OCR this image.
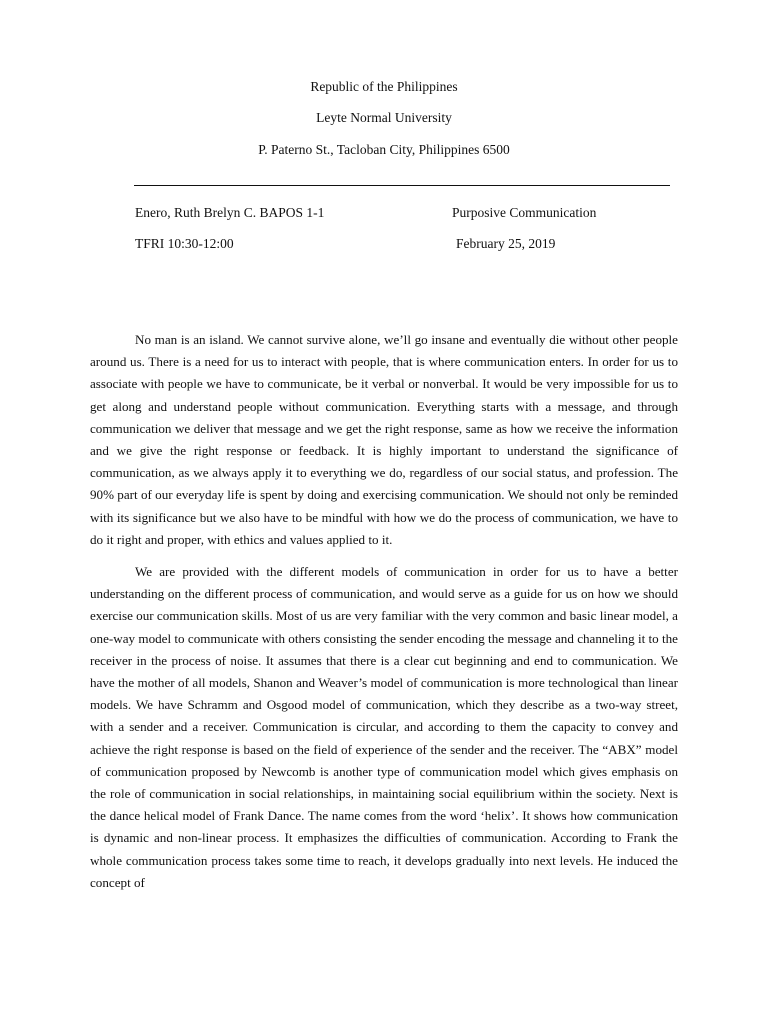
Republic of the Philippines
Leyte Normal University
P. Paterno St., Tacloban City, Philippines 6500
Enero, Ruth Brelyn C. BAPOS 1-1	Purposive Communication
TFRI 10:30-12:00	February 25, 2019

No man is an island. We cannot survive alone, we’ll go insane and eventually die without other people around us. There is a need for us to interact with people, that is where communication enters. In order for us to associate with people we have to communicate, be it verbal or nonverbal. It would be very impossible for us to get along and understand people without communication. Everything starts with a message, and through communication we deliver that message and we get the right response, same as how we receive the information and we give the right response or feedback. It is highly important to understand the significance of communication, as we always apply it to everything we do, regardless of our social status, and profession. The 90% part of our everyday life is spent by doing and exercising communication. We should not only be reminded with its significance but we also have to be mindful with how we do the process of communication, we have to do it right and proper, with ethics and values applied to it.

We are provided with the different models of communication in order for us to have a better understanding on the different process of communication, and would serve as a guide for us on how we should exercise our communication skills. Most of us are very familiar with the very common and basic linear model, a one-way model to communicate with others consisting the sender encoding the message and channeling it to the receiver in the process of noise. It assumes that there is a clear cut beginning and end to communication. We have the mother of all models, Shanon and Weaver’s model of communication is more technological than linear models. We have Schramm and Osgood model of communication, which they describe as a two-way street, with a sender and a receiver. Communication is circular, and according to them the capacity to convey and achieve the right response is based on the field of experience of the sender and the receiver. The “ABX” model of communication proposed by Newcomb is another type of communication model which gives emphasis on the role of communication in social relationships, in maintaining social equilibrium within the society. Next is the dance helical model of Frank Dance. The name comes from the word ‘helix’. It shows how communication is dynamic and non-linear process. It emphasizes the difficulties of communication. According to Frank the whole communication process takes some time to reach, it develops gradually into next levels. He induced the concept of
